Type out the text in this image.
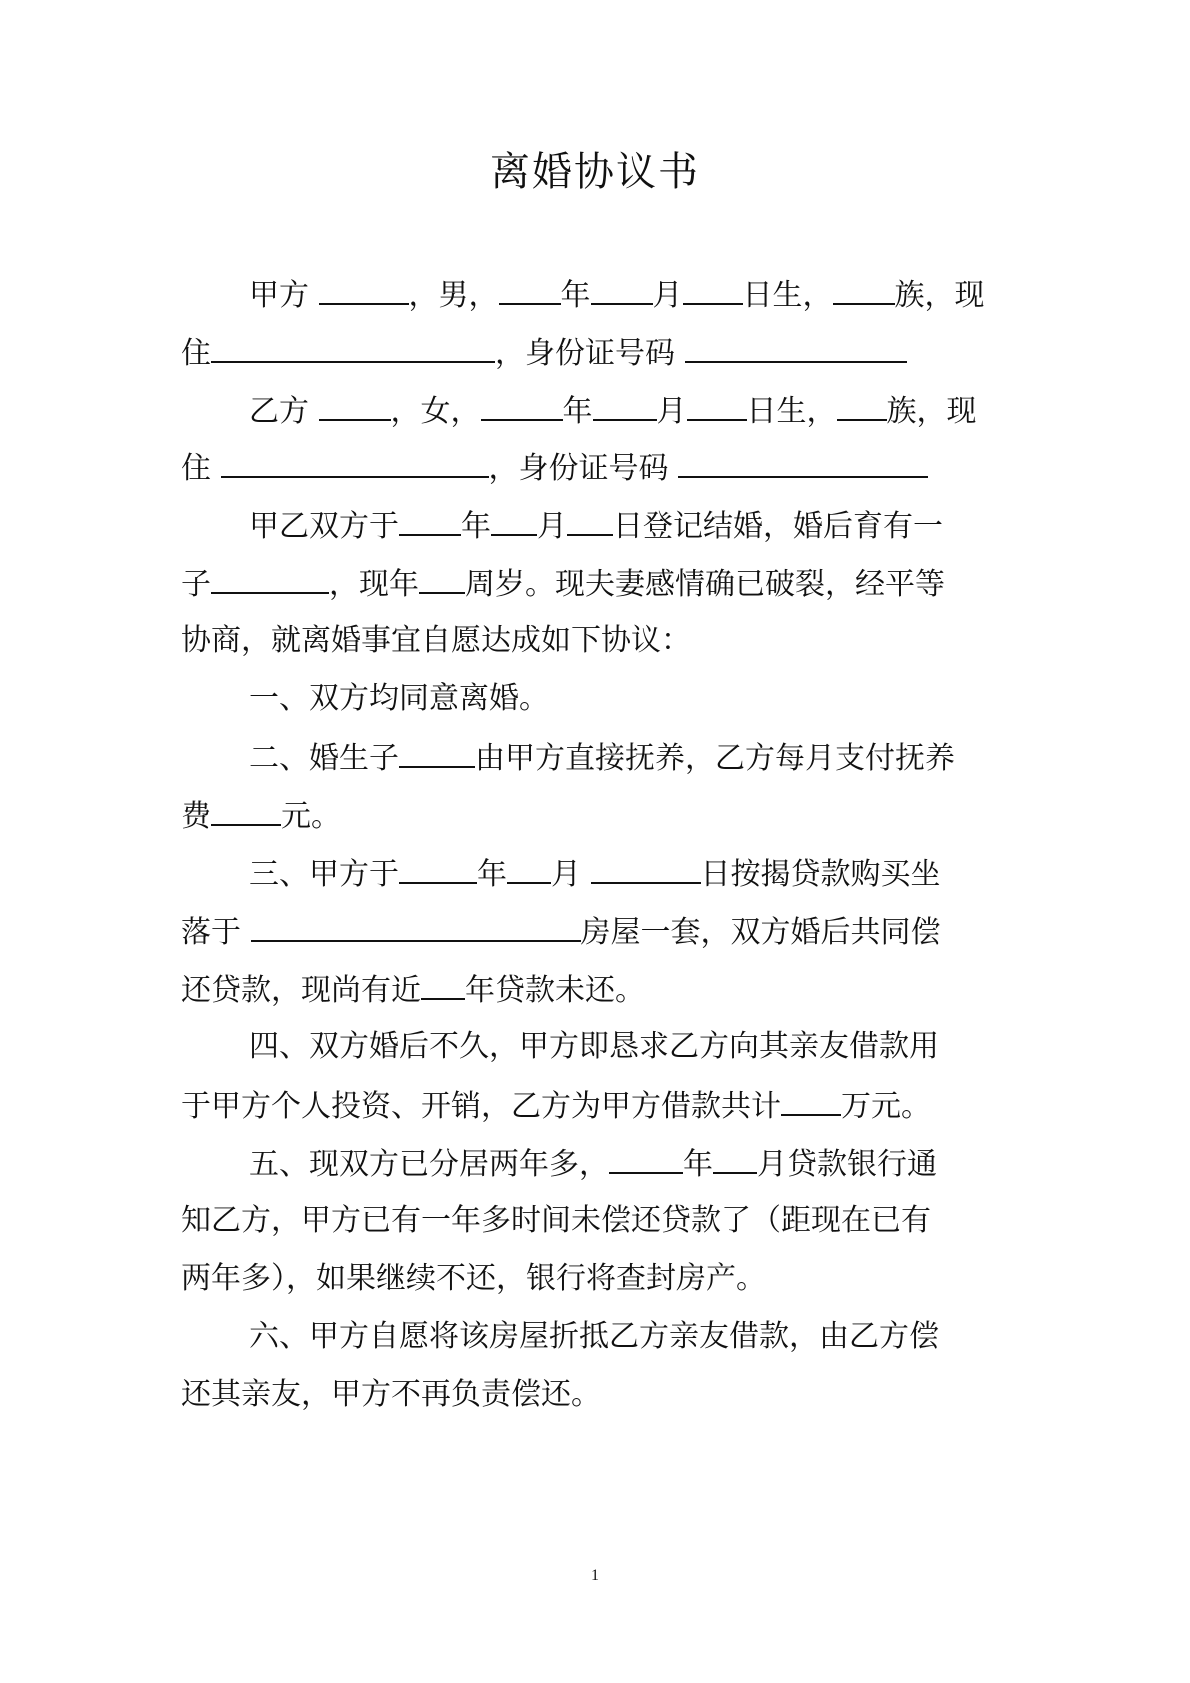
离婚协议书
甲方	，男， 年 月 日生， 族，现
住	，身份证号码
乙方 ，女，	年 月 日生， 族，现
住	，身份证号码
甲乙双方于 年 月 日登记结婚，婚后育有一
子	，现年 周岁。现夫妻感情确已破裂，经平等
协商，就离婚事宜自愿达成如下协议：
一、双方均同意离婚。
二、婚生子	由甲方直接抚养，乙方每月支付抚养
费 元。
三、甲方于	年 月	日按揭贷款购买坐
落于	房屋一套，双方婚后共同偿
还贷款，现尚有近 年贷款未还。
四、双方婚后不久，甲方即恳求乙方向其亲友借款用
于甲方个人投资、开销，乙方为甲方借款共计 万元。
五、现双方已分居两年多， 年 月贷款银行通
知乙方，甲方已有一年多时间未偿还贷款了（距现在已有
两年多），如果继续不还，银行将查封房产。
六、甲方自愿将该房屋折抵乙方亲友借款，由乙方偿
还其亲友，甲方不再负责偿还。
1
